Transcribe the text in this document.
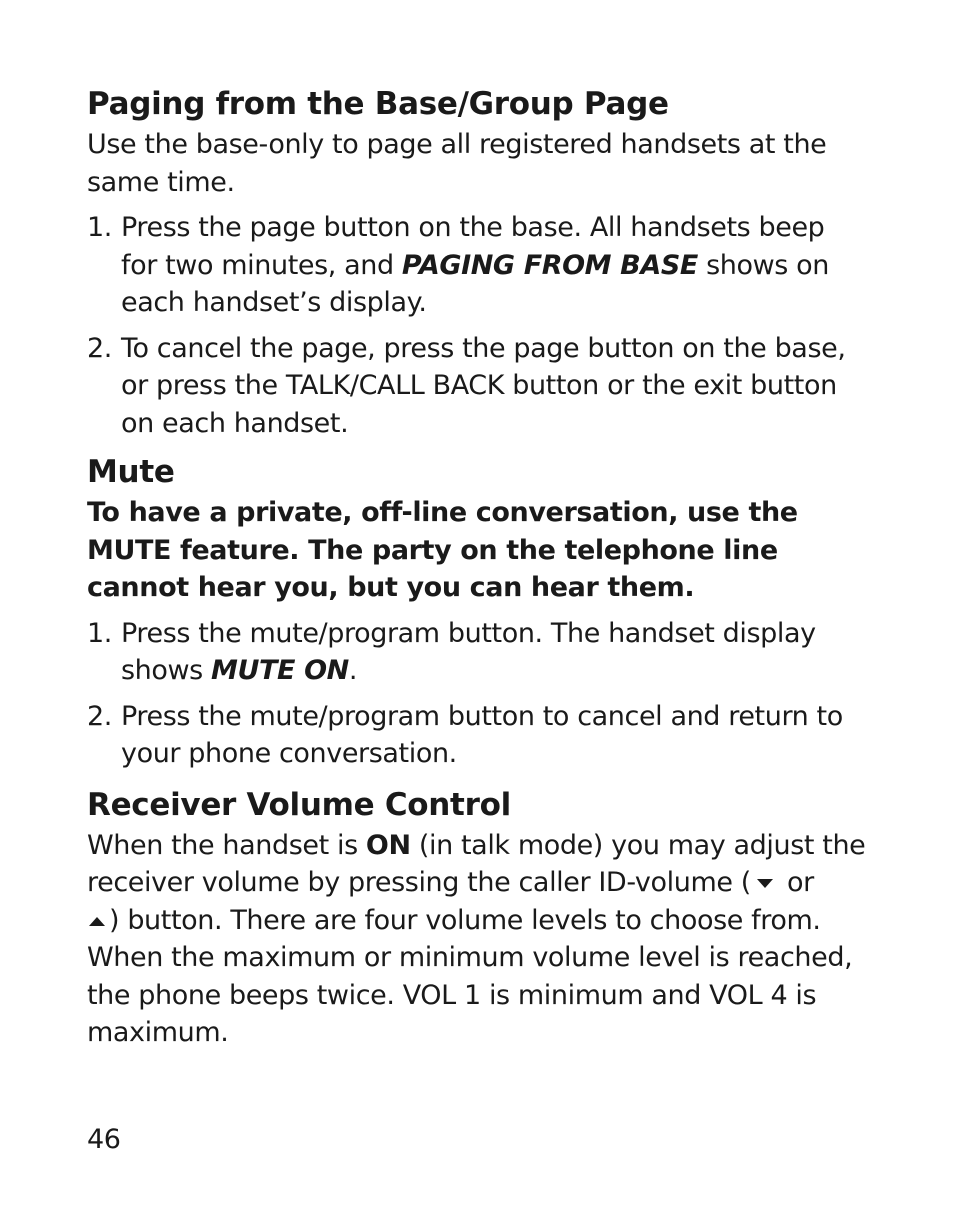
Paging from the Base/Group Page

Use the base-only to page all registered handsets at the same time.

1. Press the page button on the base. All handsets beep for two minutes, and PAGING FROM BASE shows on each handset’s display.
2. To cancel the page, press the page button on the base, or press the TALK/CALL BACK button or the exit button on each handset.
Mute

To have a private, off-line conversation, use the MUTE feature. The party on the telephone line cannot hear you, but you can hear them.

1. Press the mute/program button. The handset display shows MUTE ON.
2. Press the mute/program button to cancel and return to your phone conversation.
Receiver Volume Control

When the handset is ON (in talk mode) you may adjust the receiver volume by pressing the caller ID-volume ( or
) button. There are four volume levels to choose from. When the maximum or minimum volume level is reached, the phone beeps twice. VOL 1 is minimum and VOL 4 is maximum.

46
